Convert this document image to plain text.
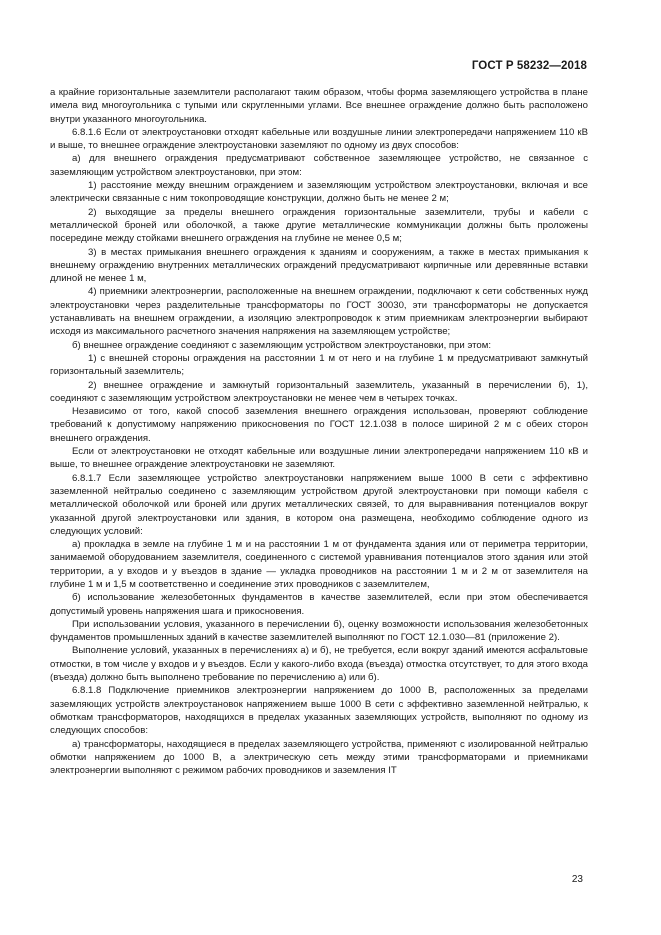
ГОСТ Р 58232—2018

а крайние горизонтальные заземлители располагают таким образом, чтобы форма заземляющего устройства в плане имела вид многоугольника с тупыми или скругленными углами. Все внешнее ограждение должно быть расположено внутри указанного многоугольника.

6.8.1.6 Если от электроустановки отходят кабельные или воздушные линии электропередачи напряжением 110 кВ и выше, то внешнее ограждение электроустановки заземляют по одному из двух способов:

а) для внешнего ограждения предусматривают собственное заземляющее устройство, не связанное с заземляющим устройством электроустановки, при этом:

1) расстояние между внешним ограждением и заземляющим устройством электроустановки, включая и все электрически связанные с ним токопроводящие конструкции, должно быть не менее 2 м;

2) выходящие за пределы внешнего ограждения горизонтальные заземлители, трубы и кабели с металлической броней или оболочкой, а также другие металлические коммуникации должны быть проложены посередине между стойками внешнего ограждения на глубине не менее 0,5 м;

3) в местах примыкания внешнего ограждения к зданиям и сооружениям, а также в местах примыкания к внешнему ограждению внутренних металлических ограждений предусматривают кирпичные или деревянные вставки длиной не менее 1 м,

4) приемники электроэнергии, расположенные на внешнем ограждении, подключают к сети собственных нужд электроустановки через разделительные трансформаторы по ГОСТ 30030, эти трансформаторы не допускается устанавливать на внешнем ограждении, а изоляцию электропроводок к этим приемникам электроэнергии выбирают исходя из максимального расчетного значения напряжения на заземляющем устройстве;

б) внешнее ограждение соединяют с заземляющим устройством электроустановки, при этом:

1) с внешней стороны ограждения на расстоянии 1 м от него и на глубине 1 м предусматривают замкнутый горизонтальный заземлитель;

2) внешнее ограждение и замкнутый горизонтальный заземлитель, указанный в перечислении б), 1), соединяют с заземляющим устройством электроустановки не менее чем в четырех точках.

Независимо от того, какой способ заземления внешнего ограждения использован, проверяют соблюдение требований к допустимому напряжению прикосновения по ГОСТ 12.1.038 в полосе шириной 2 м с обеих сторон внешнего ограждения.

Если от электроустановки не отходят кабельные или воздушные линии электропередачи напряжением 110 кВ и выше, то внешнее ограждение электроустановки не заземляют.

6.8.1.7 Если заземляющее устройство электроустановки напряжением выше 1000 В сети с эффективно заземленной нейтралью соединено с заземляющим устройством другой электроустановки при помощи кабеля с металлической оболочкой или броней или других металлических связей, то для выравнивания потенциалов вокруг указанной другой электроустановки или здания, в котором она размещена, необходимо соблюдение одного из следующих условий:

а) прокладка в земле на глубине 1 м и на расстоянии 1 м от фундамента здания или от периметра территории, занимаемой оборудованием заземлителя, соединенного с системой уравнивания потенциалов этого здания или этой территории, а у входов и у въездов в здание — укладка проводников на расстоянии 1 м и 2 м от заземлителя на глубине 1 м и 1,5 м соответственно и соединение этих проводников с заземлителем,

б) использование железобетонных фундаментов в качестве заземлителей, если при этом обеспечивается допустимый уровень напряжения шага и прикосновения.

При использовании условия, указанного в перечислении б), оценку возможности использования железобетонных фундаментов промышленных зданий в качестве заземлителей выполняют по ГОСТ 12.1.030—81 (приложение 2).

Выполнение условий, указанных в перечислениях а) и б), не требуется, если вокруг зданий имеются асфальтовые отмостки, в том числе у входов и у въездов. Если у какого-либо входа (въезда) отмостка отсутствует, то для этого входа (въезда) должно быть выполнено требование по перечислению а) или б).

6.8.1.8 Подключение приемников электроэнергии напряжением до 1000 В, расположенных за пределами заземляющих устройств электроустановок напряжением выше 1000 В сети с эффективно заземленной нейтралью, к обмоткам трансформаторов, находящихся в пределах указанных заземляющих устройств, выполняют по одному из следующих способов:

а) трансформаторы, находящиеся в пределах заземляющего устройства, применяют с изолированной нейтралью обмотки напряжением до 1000 В, а электрическую сеть между этими трансформаторами и приемниками электроэнергии выполняют с режимом рабочих проводников и заземления IT

23
